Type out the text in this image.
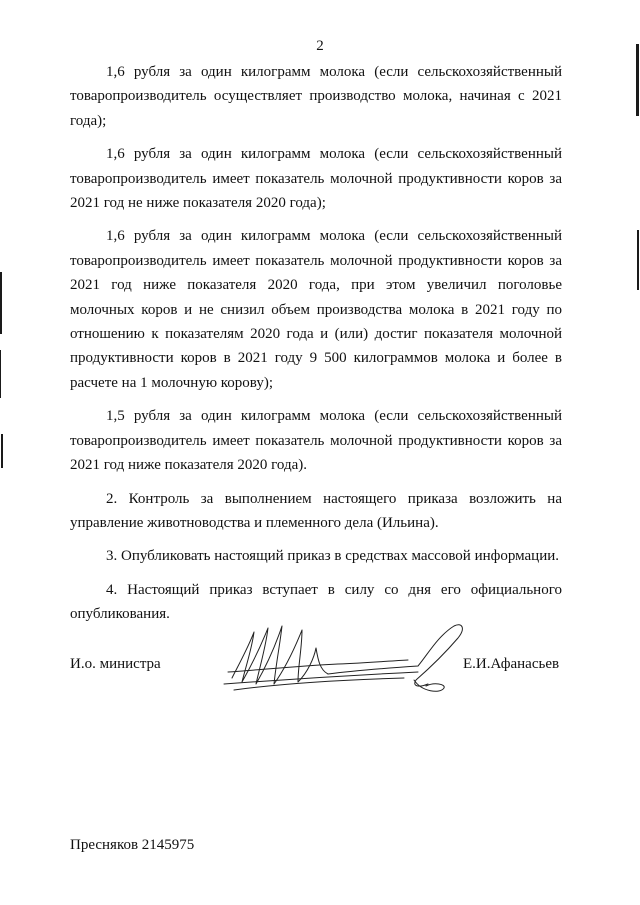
2

1,6 рубля за один килограмм молока (если сельскохозяйственный товаропроизводитель осуществляет производство молока, начиная с 2021 года);

1,6 рубля за один килограмм молока (если сельскохозяйственный товаропроизводитель имеет показатель молочной продуктивности коров за 2021 год не ниже показателя 2020 года);

1,6 рубля за один килограмм молока (если сельскохозяйственный товаропроизводитель имеет показатель молочной продуктивности коров за 2021 год ниже показателя 2020 года, при этом увеличил поголовье молочных коров и не снизил объем производства молока в 2021 году по отношению к показателям 2020 года и (или) достиг показателя молочной продуктивности коров в 2021 году 9 500 килограммов молока и более в расчете на 1 молочную корову);

1,5 рубля за один килограмм молока (если сельскохозяйственный товаропроизводитель имеет показатель молочной продуктивности коров за 2021 год ниже показателя 2020 года).

2. Контроль за выполнением настоящего приказа возложить на управление животноводства и племенного дела (Ильина).

3. Опубликовать настоящий приказ в средствах массовой информации.

4. Настоящий приказ вступает в силу со дня его официального опубликования.

И.о. министра	Е.И.Афанасьев
Пресняков 2145975
